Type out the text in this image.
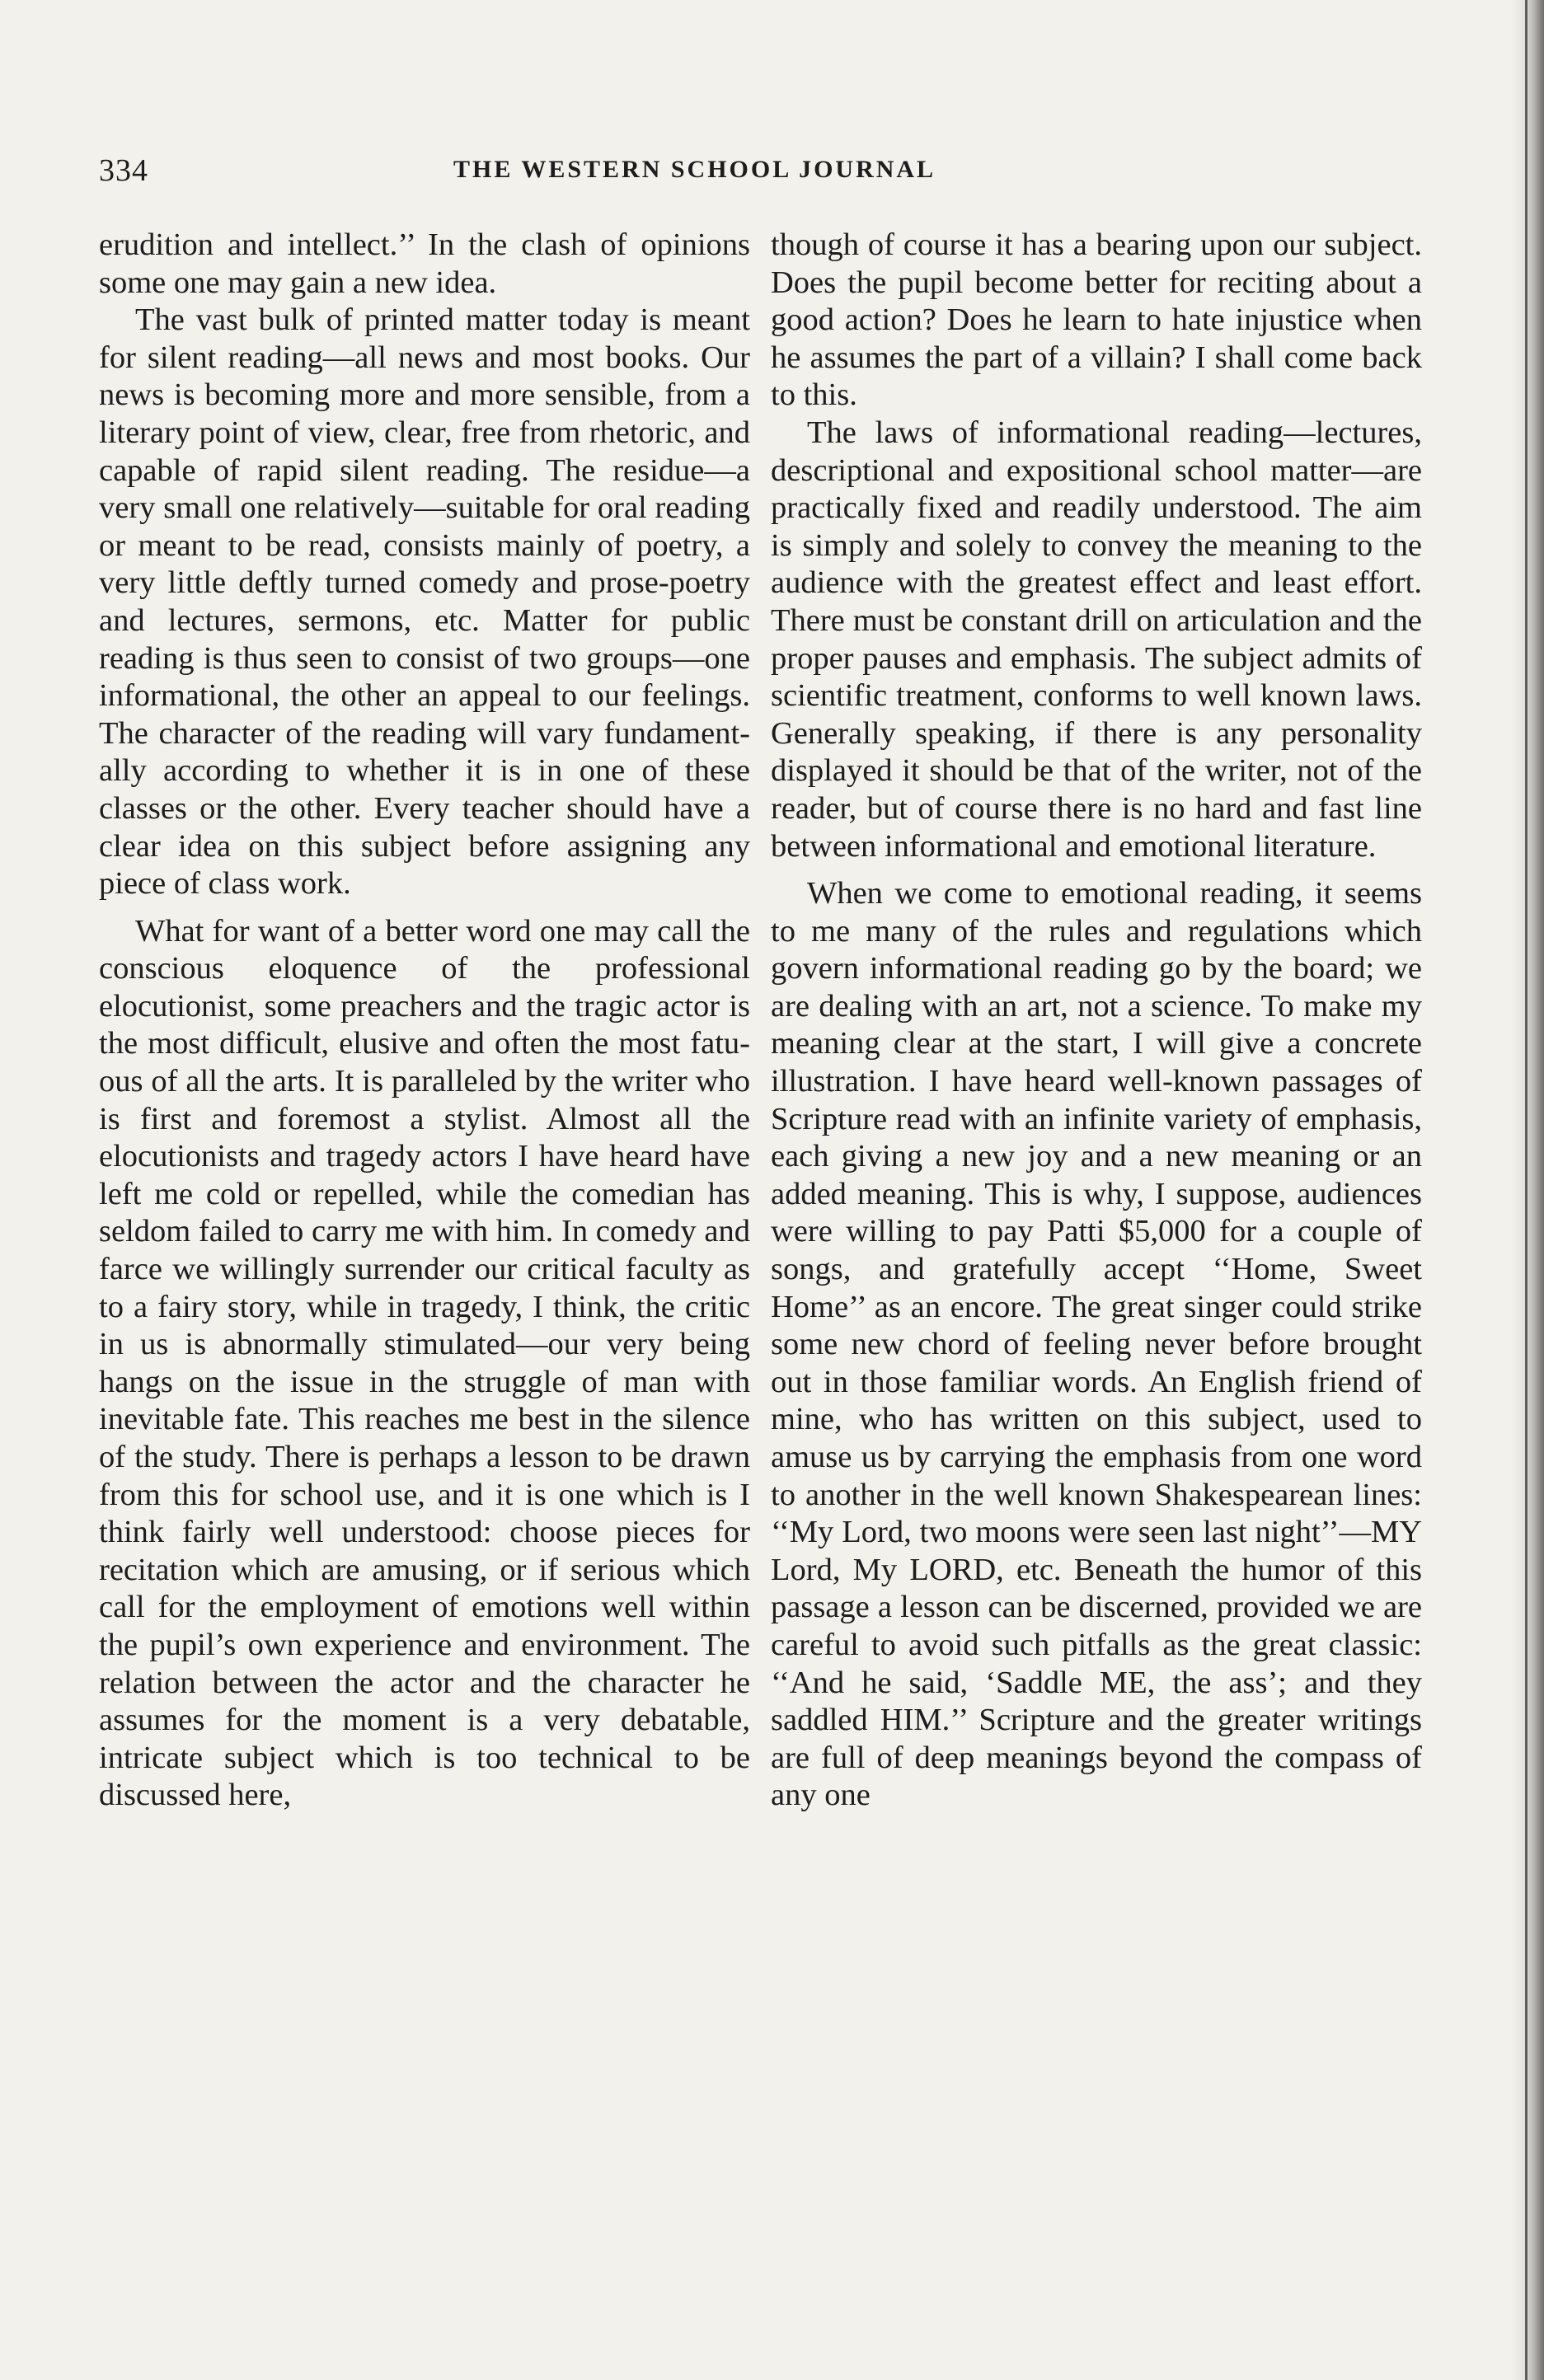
334	THE WESTERN SCHOOL JOURNAL

erudition and intellect.’’ In the clash of opinions some one may gain a new idea.

The vast bulk of printed matter today is meant for silent reading—all news and most books. Our news is becoming more and more sensible, from a literary point of view, clear, free from rhetoric, and capable of rapid silent reading. The residue—a very small one relatively—suitable for oral reading or meant to be read, consists mainly of poetry, a very little deftly turned comedy and prose-poetry and lectures, sermons, etc. Matter for public reading is thus seen to consist of two groups—one informational, the other an appeal to our feelings. The character of the reading will vary fundamentally according to whether it is in one of these classes or the other. Every teacher should have a clear idea on this subject before assigning any piece of class work.

What for want of a better word one may call the conscious eloquence of the professional elocutionist, some preachers and the tragic actor is the most difficult, elusive and often the most fatuous of all the arts. It is paralleled by the writer who is first and foremost a stylist. Almost all the elocutionists and tragedy actors I have heard have left me cold or repelled, while the comedian has seldom failed to carry me with him. In comedy and farce we willingly surrender our critical faculty as to a fairy story, while in tragedy, I think, the critic in us is abnormally stimulated—our very being hangs on the issue in the struggle of man with inevitable fate. This reaches me best in the silence of the study. There is perhaps a lesson to be drawn from this for school use, and it is one which is I think fairly well understood: choose pieces for recitation which are amusing, or if serious which call for the employment of emotions well within the pupil’s own experience and environment. The relation between the actor and the character he assumes for the moment is a very debatable, intricate subject which is too technical to be discussed here,

though of course it has a bearing upon our subject. Does the pupil become better for reciting about a good action? Does he learn to hate injustice when he assumes the part of a villain? I shall come back to this.

The laws of informational reading—lectures, descriptional and expositional school matter—are practically fixed and readily understood. The aim is simply and solely to convey the meaning to the audience with the greatest effect and least effort. There must be constant drill on articulation and the proper pauses and emphasis. The subject admits of scientific treatment, conforms to well known laws. Generally speaking, if there is any personality displayed it should be that of the writer, not of the reader, but of course there is no hard and fast line between informational and emotional literature.

When we come to emotional reading, it seems to me many of the rules and regulations which govern informational reading go by the board; we are dealing with an art, not a science. To make my meaning clear at the start, I will give a concrete illustration. I have heard well-known passages of Scripture read with an infinite variety of emphasis, each giving a new joy and a new meaning or an added meaning. This is why, I suppose, audiences were willing to pay Patti $5,000 for a couple of songs, and gratefully accept ‘‘Home, Sweet Home’’ as an encore. The great singer could strike some new chord of feeling never before brought out in those familiar words. An English friend of mine, who has written on this subject, used to amuse us by carrying the emphasis from one word to another in the well known Shakespearean lines: ‘‘My Lord, two moons were seen last night’’—MY Lord, My LORD, etc. Beneath the humor of this passage a lesson can be discerned, provided we are careful to avoid such pitfalls as the great classic: ‘‘And he said, ‘Saddle ME, the ass’; and they saddled HIM.’’ Scripture and the greater writings are full of deep meanings beyond the compass of any one
